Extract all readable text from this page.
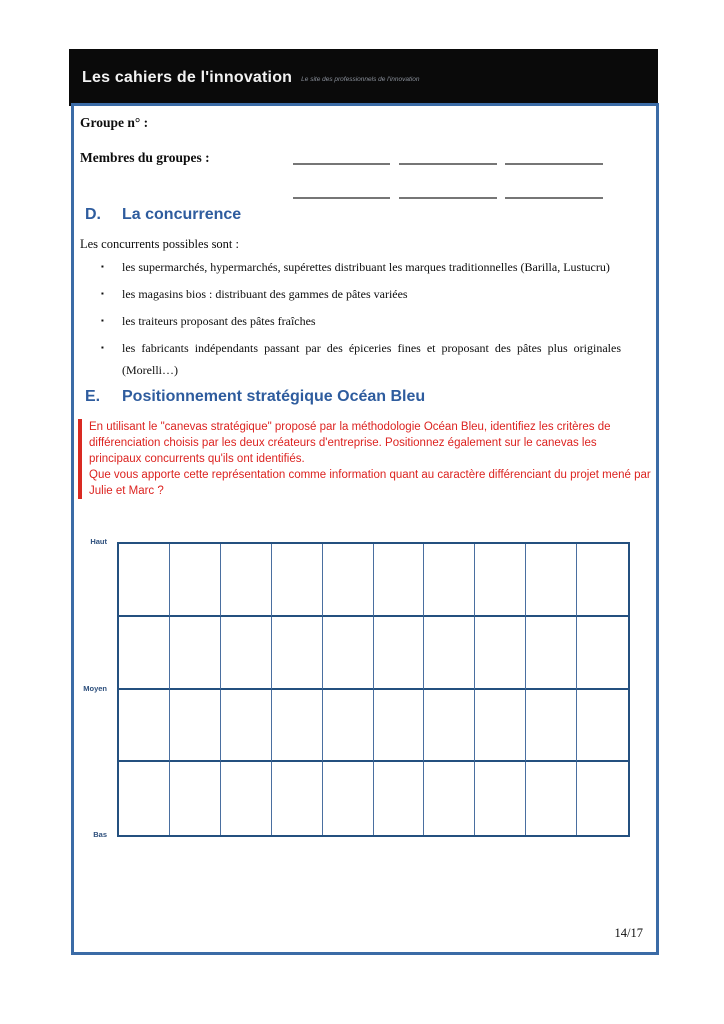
Les cahiers de l'innovation Le site des professionnels de l'innovation
Groupe n° :
Membres du groupes :
D. La concurrence
Les concurrents possibles sont :
▪ les supermarchés, hypermarchés, supérettes distribuant les marques traditionnelles (Barilla, Lustucru)
▪ les magasins bios : distribuant des gammes de pâtes variées
▪ les traiteurs proposant des pâtes fraîches
▪ les fabricants indépendants passant par des épiceries fines et proposant des pâtes plus originales (Morelli…)
E. Positionnement stratégique Océan Bleu

En utilisant le "canevas stratégique" proposé par la méthodologie Océan Bleu, identifiez les critères de différenciation choisis par les deux créateurs d'entreprise. Positionnez également sur le canevas les principaux concurrents qu'ils ont identifiés.

Que vous apporte cette représentation comme information quant au caractère différenciant du projet mené par Julie et Marc ?

Haut
Moyen
Bas
14/17
